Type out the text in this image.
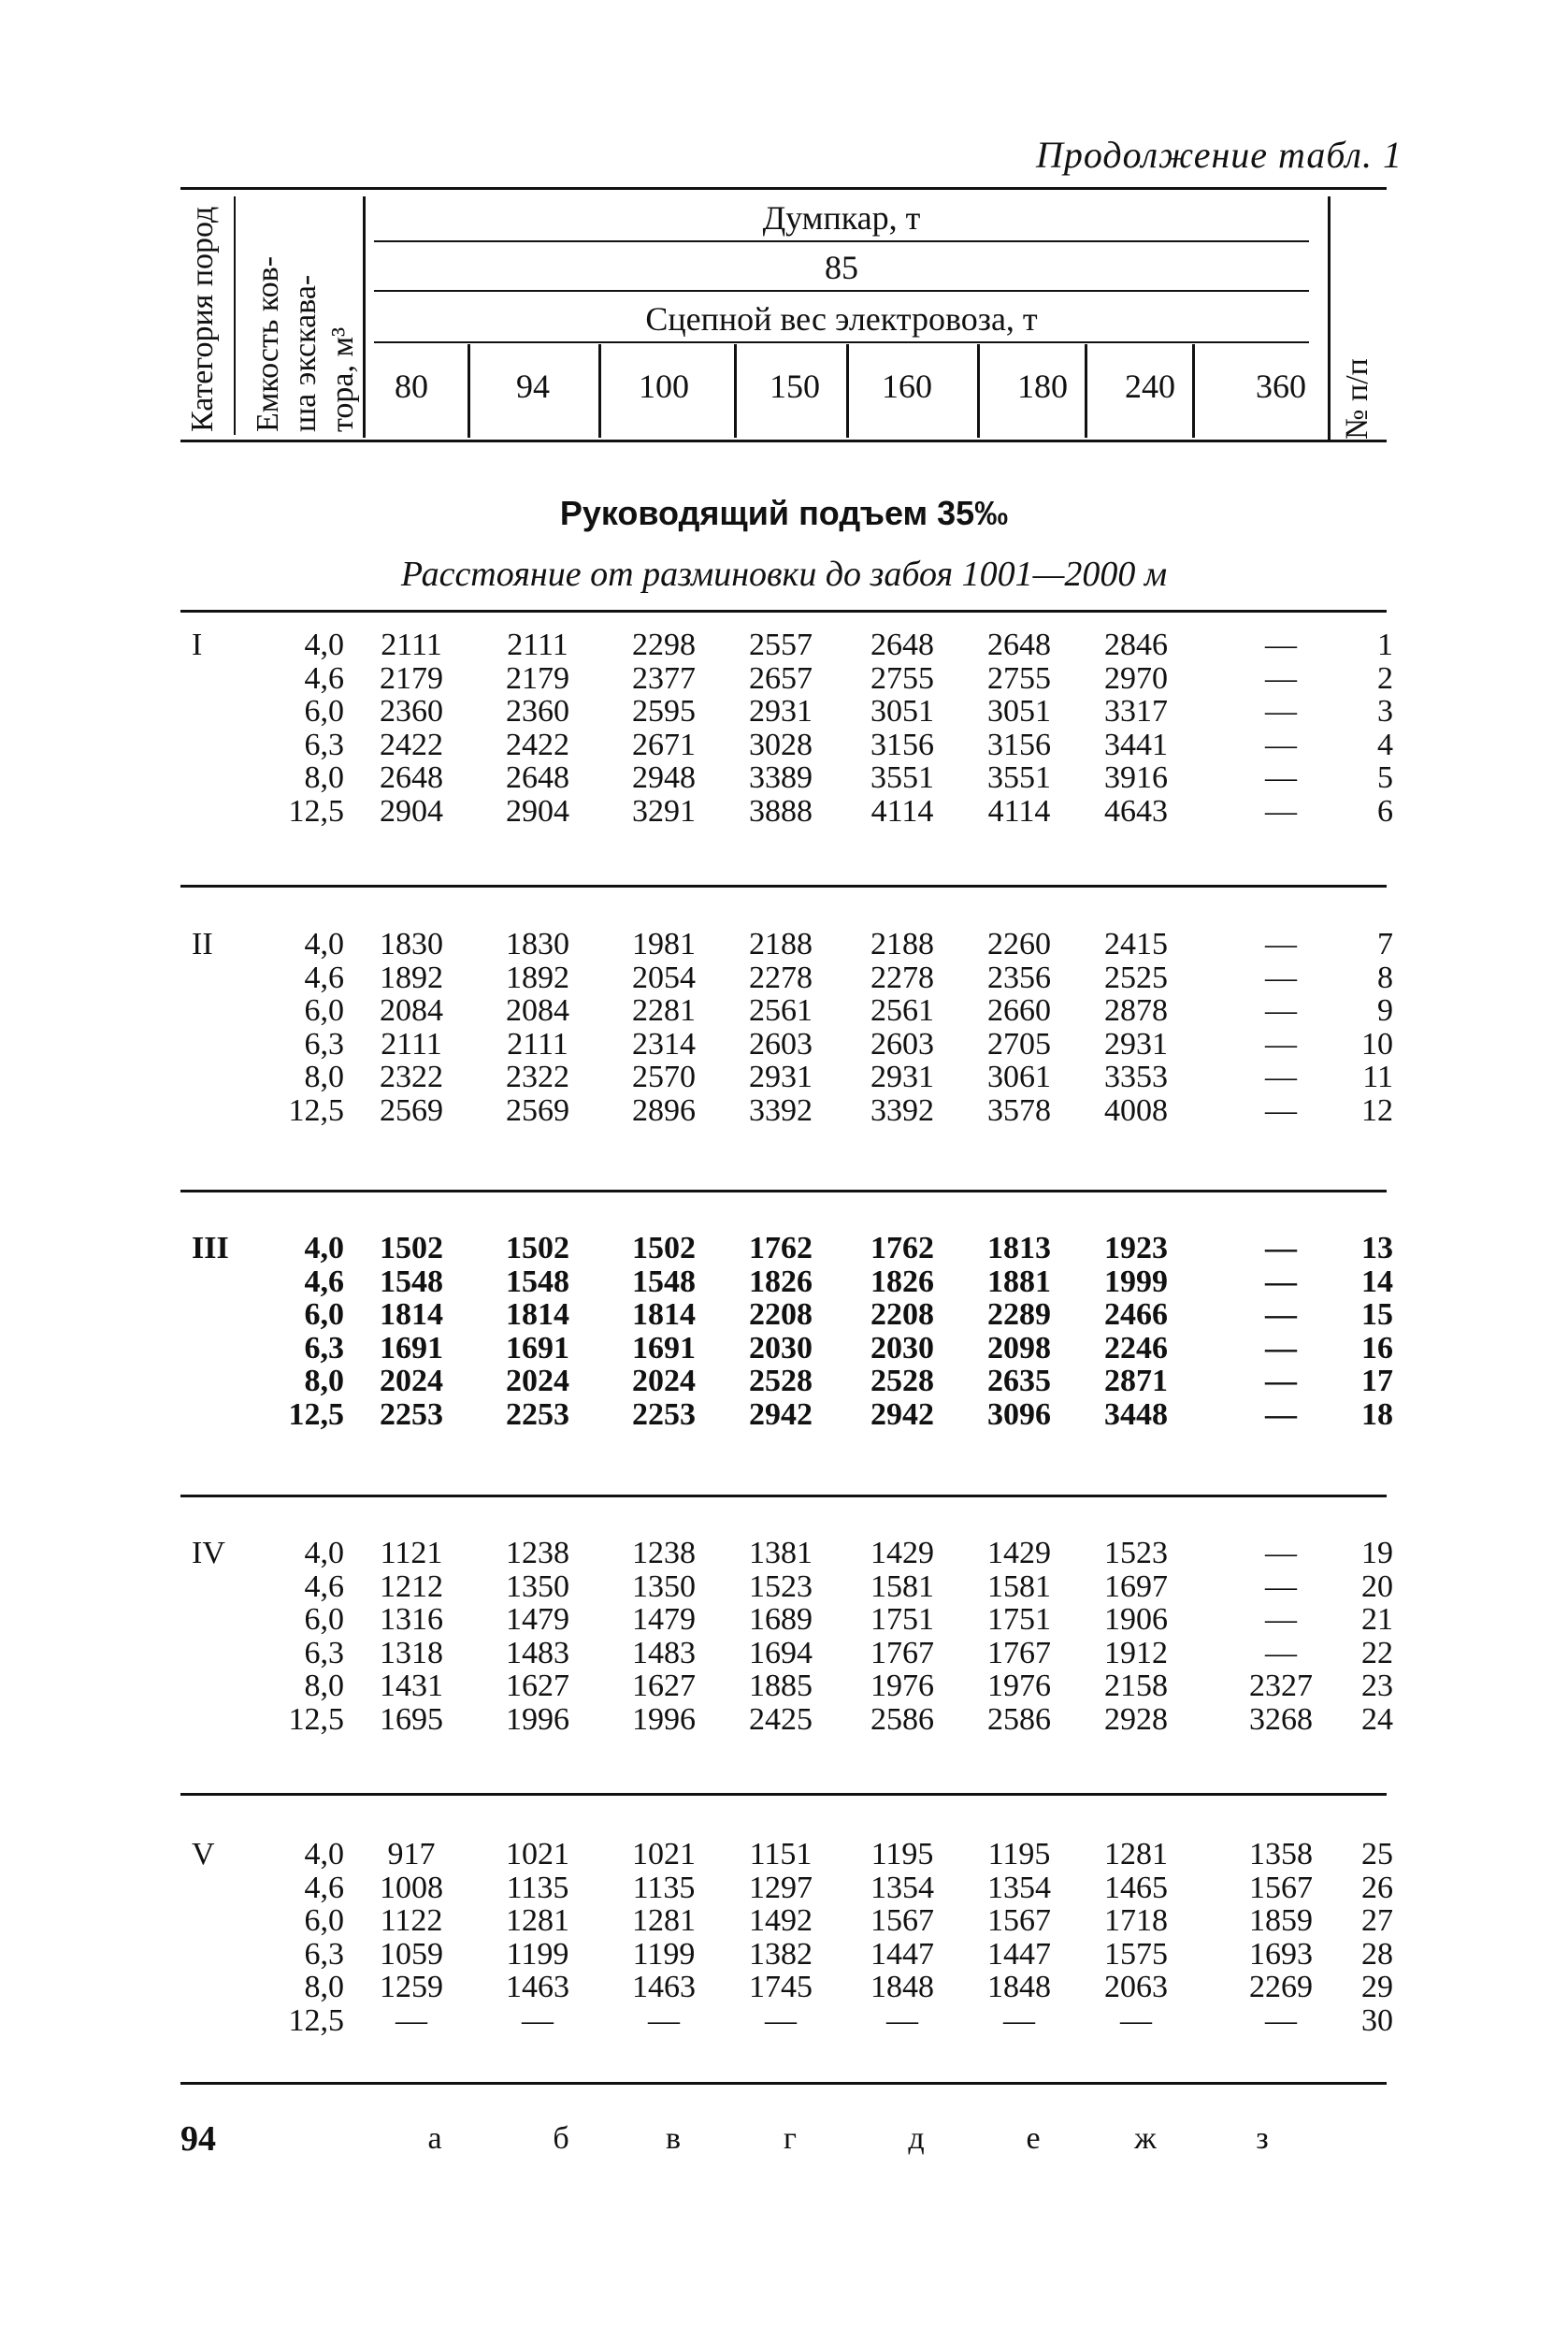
Продолжение табл. 1
Категория пород Емкость ков- ша экскава- тора, м³
Думпкар, т
85
Сцепной вес электровоза, т
80	94	100	150	160	180	240	360	№ п/п
Руководящий подъем 35‰
Расстояние от разминовки до забоя 1001—2000 м
I	4,0	2111	2111	2298	2557	2648	2648	2846	—	1
4,6	2179	2179	2377	2657	2755	2755	2970	—	2
6,0	2360	2360	2595	2931	3051	3051	3317	—	3
6,3	2422	2422	2671	3028	3156	3156	3441	—	4
8,0	2648	2648	2948	3389	3551	3551	3916	—	5
12,5	2904	2904	3291	3888	4114	4114	4643	—	6
II	4,0	1830	1830	1981	2188	2188	2260	2415	—	7
4,6	1892	1892	2054	2278	2278	2356	2525	—	8
6,0	2084	2084	2281	2561	2561	2660	2878	—	9
6,3	2111	2111	2314	2603	2603	2705	2931	—	10
8,0	2322	2322	2570	2931	2931	3061	3353	—	11
12,5	2569	2569	2896	3392	3392	3578	4008	—	12
III	4,0	1502	1502	1502	1762	1762	1813	1923	—	13
4,6	1548	1548	1548	1826	1826	1881	1999	—	14
6,0	1814	1814	1814	2208	2208	2289	2466	—	15
6,3	1691	1691	1691	2030	2030	2098	2246	—	16
8,0	2024	2024	2024	2528	2528	2635	2871	—	17
12,5	2253	2253	2253	2942	2942	3096	3448	—	18
IV	4,0	1121	1238	1238	1381	1429	1429	1523	—	19
4,6	1212	1350	1350	1523	1581	1581	1697	—	20
6,0	1316	1479	1479	1689	1751	1751	1906	—	21
6,3	1318	1483	1483	1694	1767	1767	1912	—	22
8,0	1431	1627	1627	1885	1976	1976	2158	2327	23
12,5	1695	1996	1996	2425	2586	2586	2928	3268	24
V	4,0	917	1021	1021	1151	1195	1195	1281	1358	25
4,6	1008	1135	1135	1297	1354	1354	1465	1567	26
6,0	1122	1281	1281	1492	1567	1567	1718	1859	27
6,3	1059	1199	1199	1382	1447	1447	1575	1693	28
8,0	1259	1463	1463	1745	1848	1848	2063	2269	29
12,5	—	—	—	—	—	—	—	—	30
а	б	в	г	д	е	ж	з
94
